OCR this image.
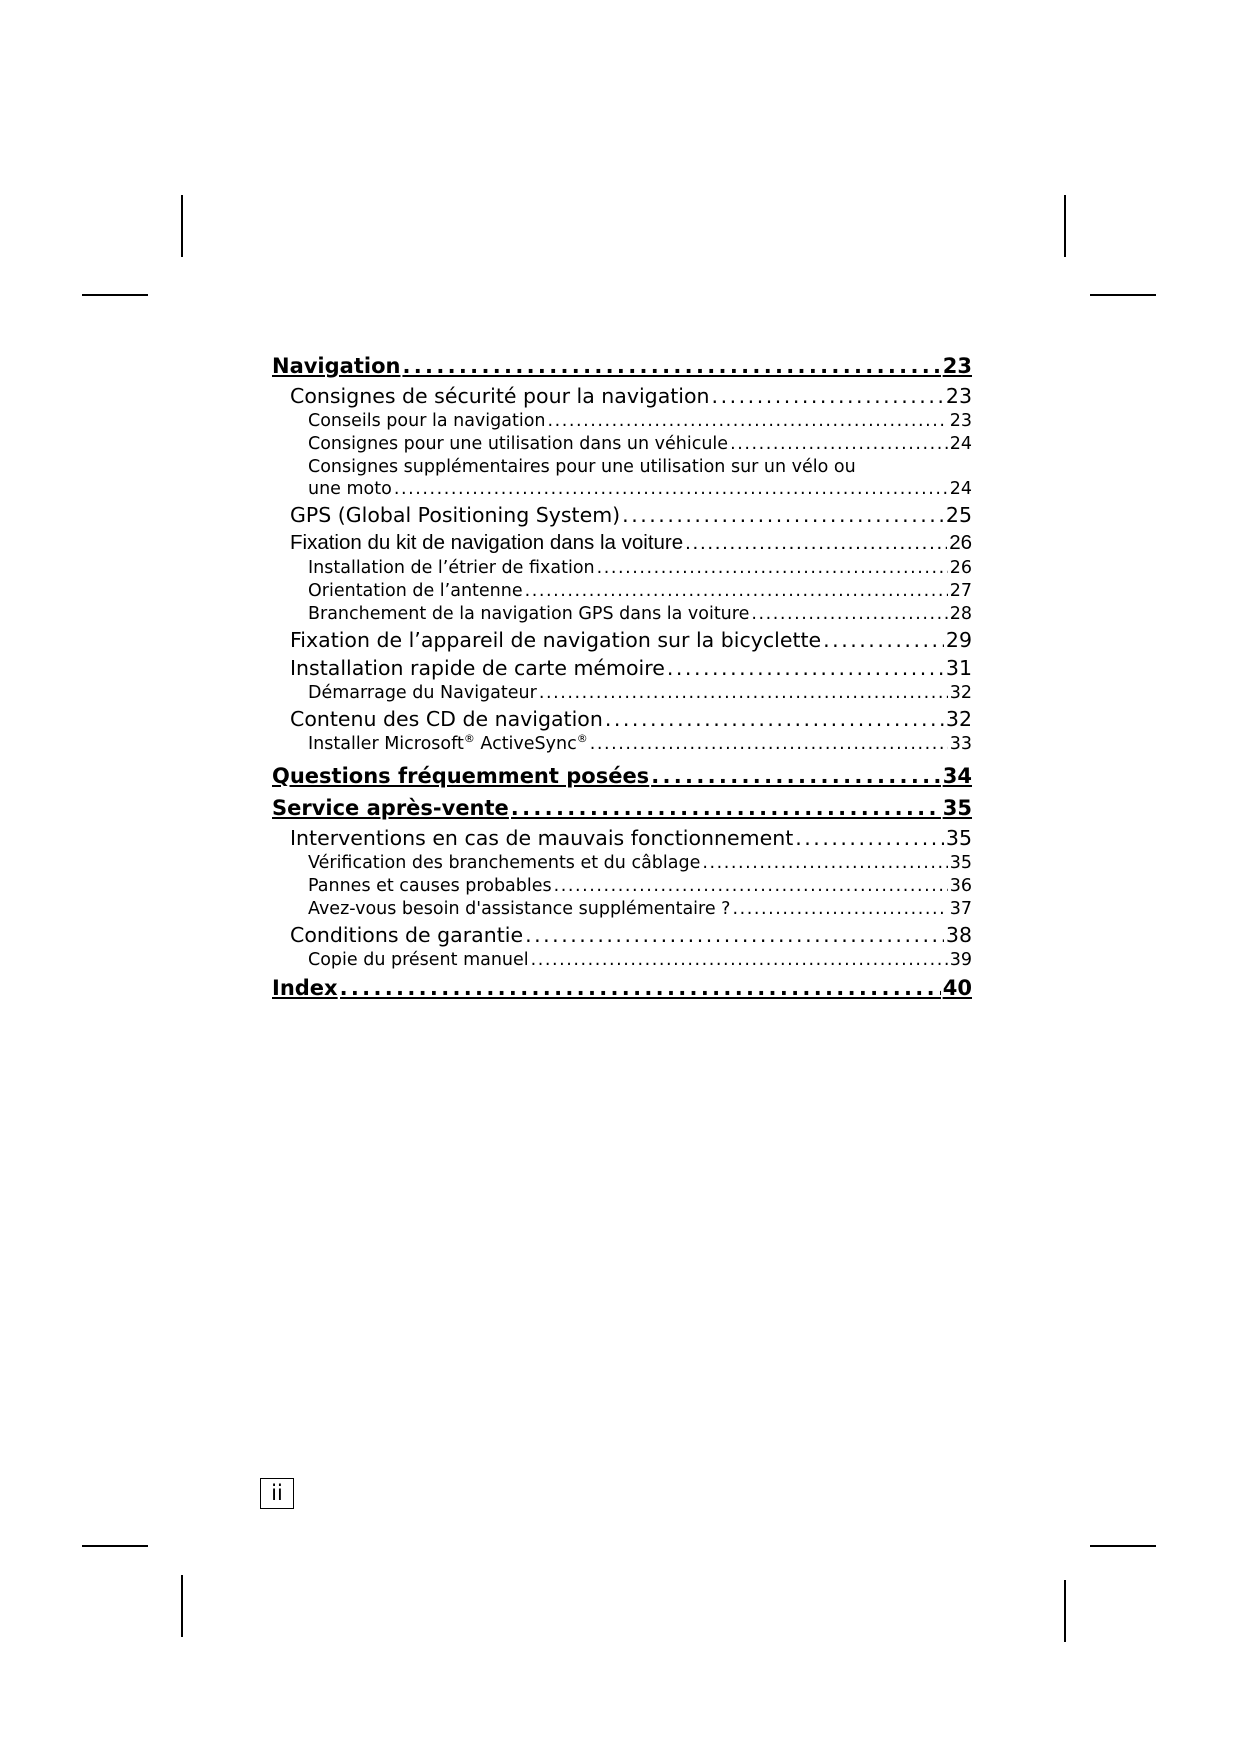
Navigation . . .	23
Consignes de sécurité pour la navigation . . .	23
Conseils pour la navigation . . .	23
Consignes pour une utilisation dans un véhicule . . .	24
Consignes supplémentaires pour une utilisation sur un vélo ou
une moto . . .	24
GPS (Global Positioning System) . . .	25
Fixation du kit de navigation dans la voiture . . .	26
Installation de l’étrier de fixation . . .	26
Orientation de l’antenne . . .	27
Branchement de la navigation GPS dans la voiture . . .	28
Fixation de l’appareil de navigation sur la bicyclette . . .	29
Installation rapide de carte mémoire . . .	31
Démarrage du Navigateur . . .	32
Contenu des CD de navigation . . .	32
Installer Microsoft® ActiveSync® . . .	33
Questions fréquemment posées . . .	34
Service après-vente . . .	35
Interventions en cas de mauvais fonctionnement . . .	35
Vérification des branchements et du câblage . . .	35
Pannes et causes probables . . .	36
Avez-vous besoin d'assistance supplémentaire ? . . .	37
Conditions de garantie . . .	38
Copie du présent manuel . . .	39
Index . . .	40
ii
